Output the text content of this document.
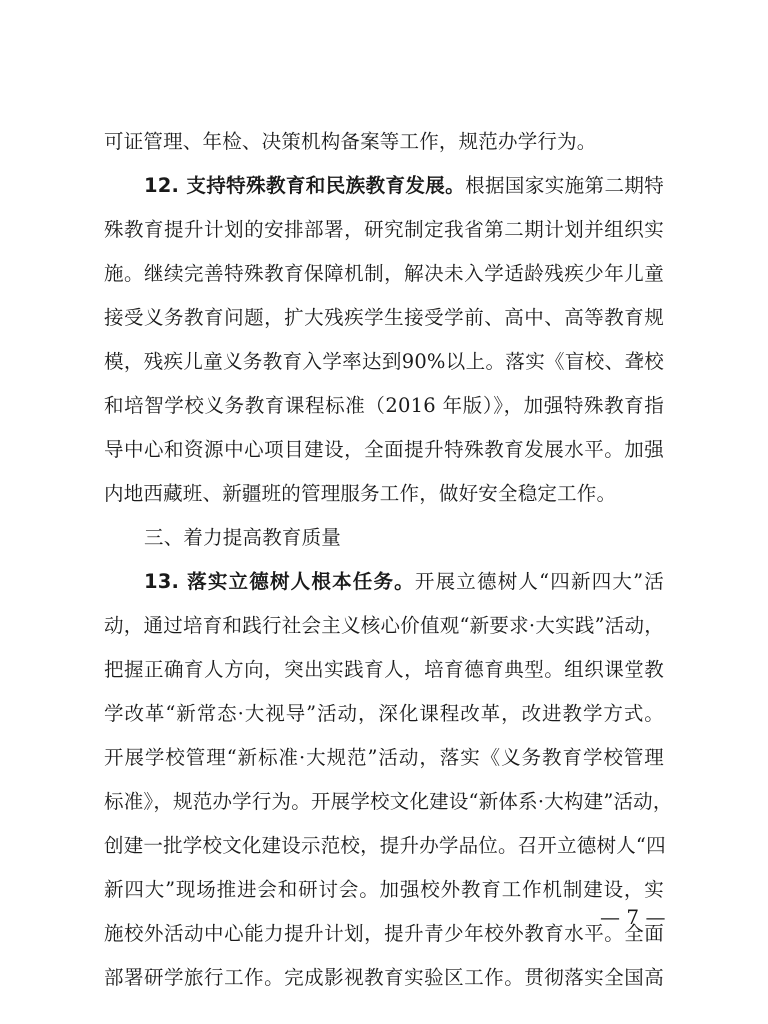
可证管理、年检、决策机构备案等工作，规范办学行为。
12. 支持特殊教育和民族教育发展。根据国家实施第二期特
殊教育提升计划的安排部署，研究制定我省第二期计划并组织实
施。继续完善特殊教育保障机制，解决未入学适龄残疾少年儿童
接受义务教育问题，扩大残疾学生接受学前、高中、高等教育规
模，残疾儿童义务教育入学率达到90%以上。落实《盲校、聋校
和培智学校义务教育课程标准（2016 年版）》，加强特殊教育指
导中心和资源中心项目建设，全面提升特殊教育发展水平。加强
内地西藏班、新疆班的管理服务工作，做好安全稳定工作。
三、着力提高教育质量
13. 落实立德树人根本任务。开展立德树人“四新四大”活
动，通过培育和践行社会主义核心价值观“新要求·大实践”活动，
把握正确育人方向，突出实践育人，培育德育典型。组织课堂教
学改革“新常态·大视导”活动，深化课程改革，改进教学方式。
开展学校管理“新标准·大规范”活动，落实《义务教育学校管理
标准》，规范办学行为。开展学校文化建设“新体系·大构建”活动，
创建一批学校文化建设示范校，提升办学品位。召开立德树人“四
新四大”现场推进会和研讨会。加强校外教育工作机制建设，实
施校外活动中心能力提升计划，提升青少年校外教育水平。全面
部署研学旅行工作。完成影视教育实验区工作。贯彻落实全国高
— 7 —
